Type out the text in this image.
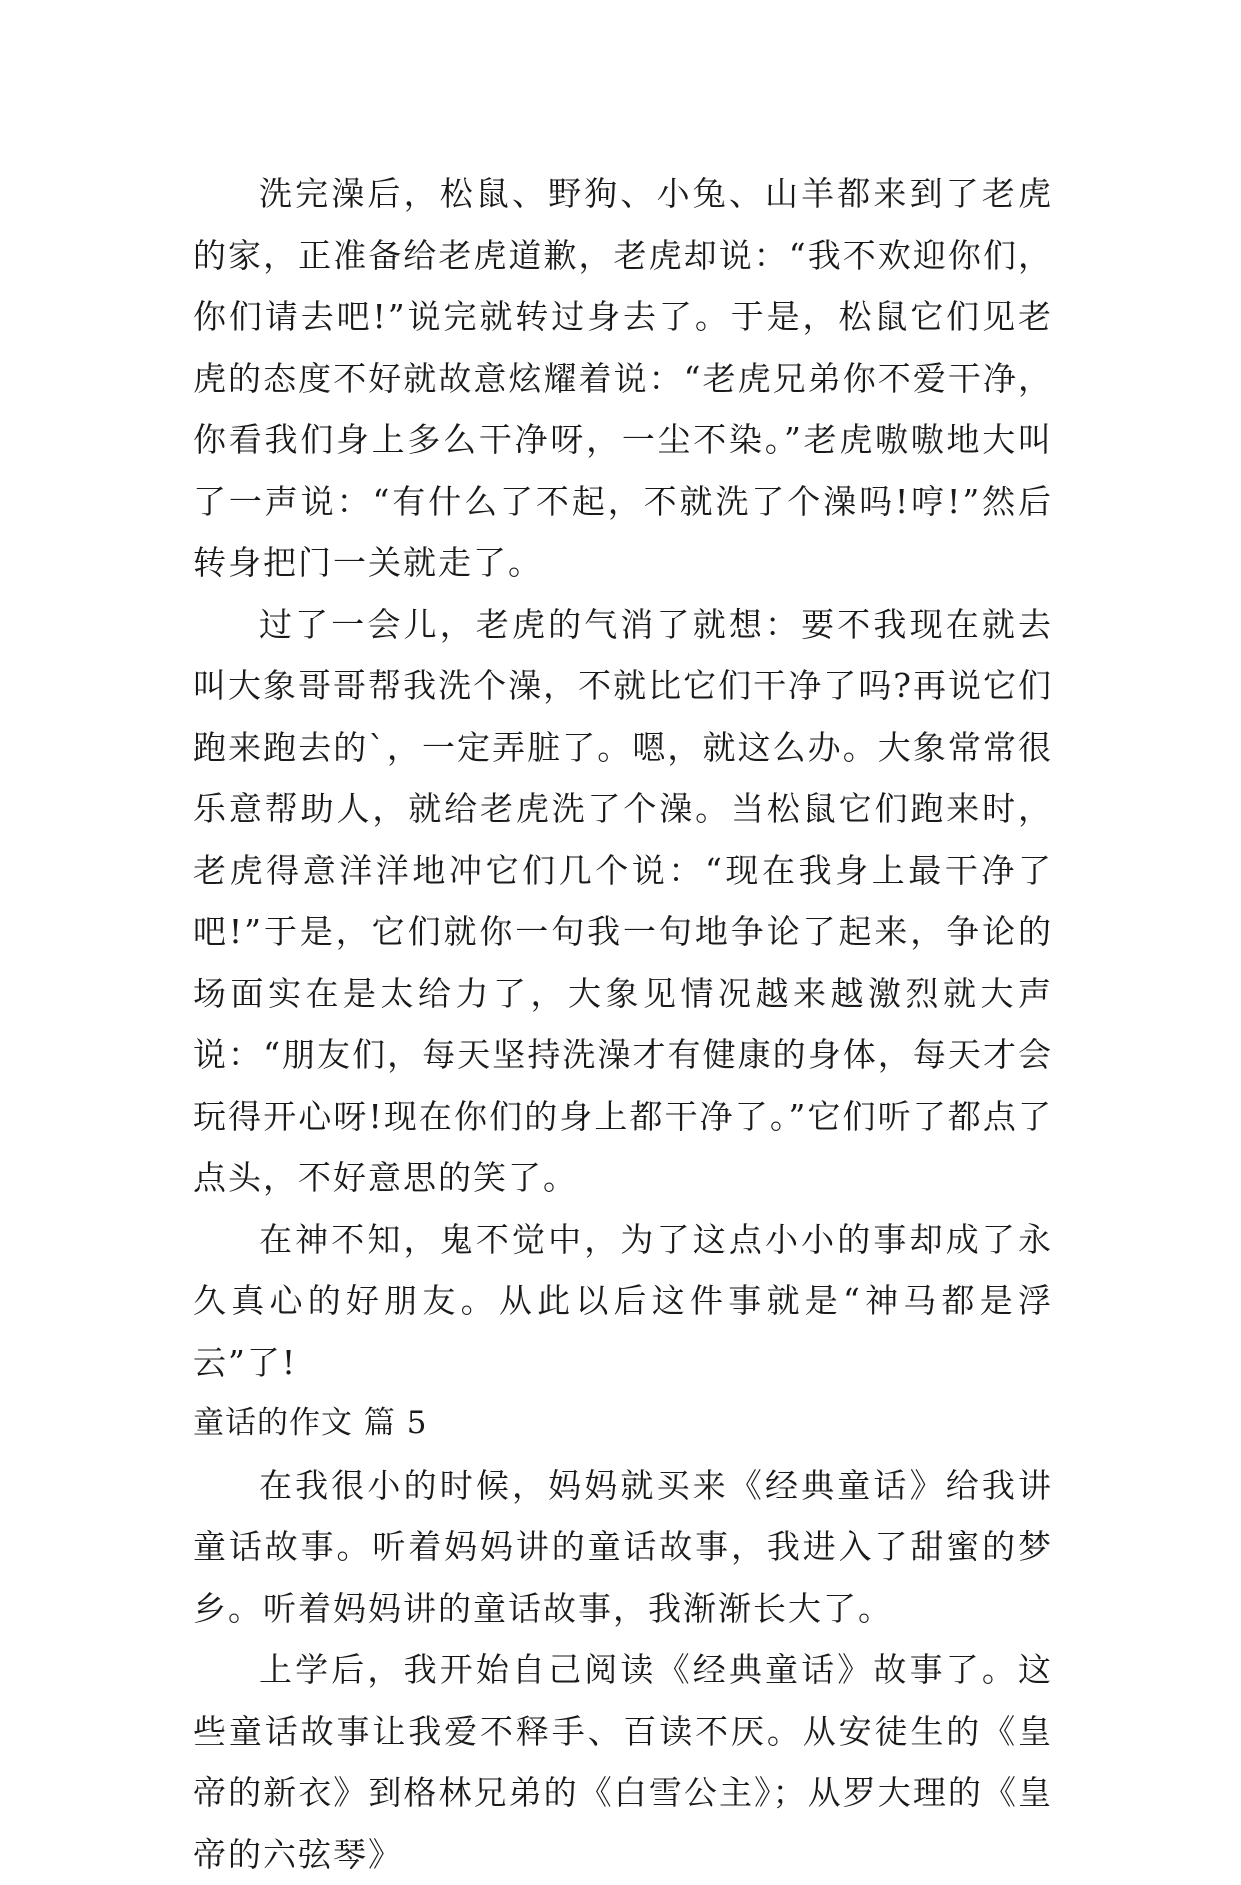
洗完澡后，松鼠、野狗、小兔、山羊都来到了老虎的家，正准备给老虎道歉，老虎却说：“我不欢迎你们，你们请去吧!”说完就转过身去了。于是，松鼠它们见老虎的态度不好就故意炫耀着说：“老虎兄弟你不爱干净，你看我们身上多么干净呀，一尘不染。”老虎嗷嗷地大叫了一声说：“有什么了不起，不就洗了个澡吗!哼!”然后转身把门一关就走了。

过了一会儿，老虎的气消了就想：要不我现在就去叫大象哥哥帮我洗个澡，不就比它们干净了吗?再说它们跑来跑去的`，一定弄脏了。嗯，就这么办。大象常常很乐意帮助人，就给老虎洗了个澡。当松鼠它们跑来时，老虎得意洋洋地冲它们几个说：“现在我身上最干净了吧!”于是，它们就你一句我一句地争论了起来，争论的场面实在是太给力了，大象见情况越来越激烈就大声说：“朋友们，每天坚持洗澡才有健康的身体，每天才会玩得开心呀!现在你们的身上都干净了。”它们听了都点了点头，不好意思的笑了。

在神不知，鬼不觉中，为了这点小小的事却成了永久真心的好朋友。从此以后这件事就是“神马都是浮云”了!

童话的作文 篇 5

在我很小的时候，妈妈就买来《经典童话》给我讲童话故事。听着妈妈讲的童话故事，我进入了甜蜜的梦乡。听着妈妈讲的童话故事，我渐渐长大了。

上学后，我开始自己阅读《经典童话》故事了。这些童话故事让我爱不释手、百读不厌。从安徒生的《皇帝的新衣》到格林兄弟的《白雪公主》；从罗大理的《皇帝的六弦琴》
